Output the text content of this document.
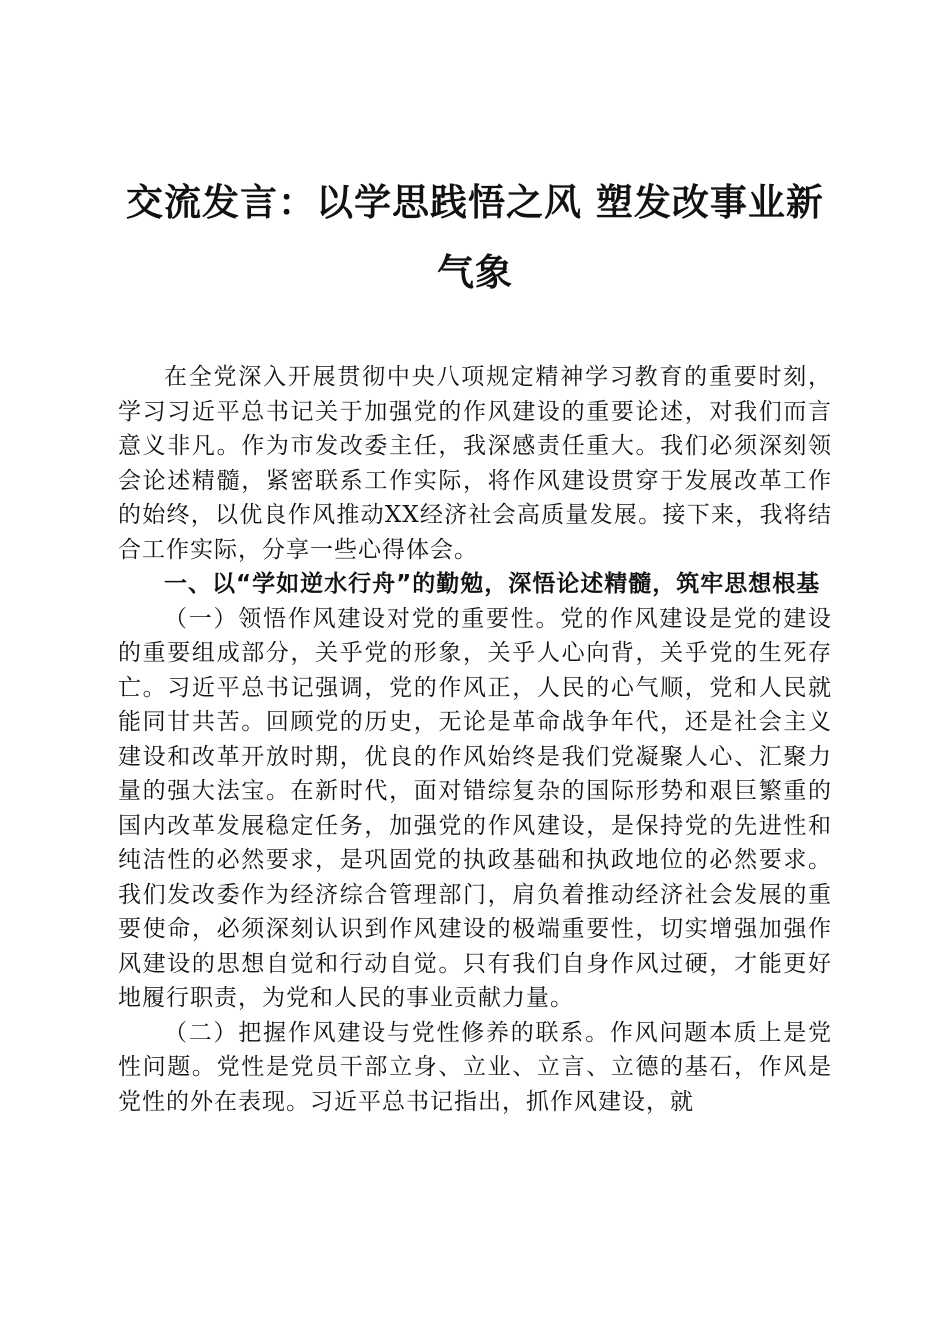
交流发言：以学思践悟之风 塑发改事业新气象

在全党深入开展贯彻中央八项规定精神学习教育的重要时刻，学习习近平总书记关于加强党的作风建设的重要论述，对我们而言意义非凡。作为市发改委主任，我深感责任重大。我们必须深刻领会论述精髓，紧密联系工作实际，将作风建设贯穿于发展改革工作的始终，以优良作风推动XX经济社会高质量发展。接下来，我将结合工作实际，分享一些心得体会。

一、以“学如逆水行舟”的勤勉，深悟论述精髓，筑牢思想根基

（一）领悟作风建设对党的重要性。党的作风建设是党的建设的重要组成部分，关乎党的形象，关乎人心向背，关乎党的生死存亡。习近平总书记强调，党的作风正，人民的心气顺，党和人民就能同甘共苦。回顾党的历史，无论是革命战争年代，还是社会主义建设和改革开放时期，优良的作风始终是我们党凝聚人心、汇聚力量的强大法宝。在新时代，面对错综复杂的国际形势和艰巨繁重的国内改革发展稳定任务，加强党的作风建设，是保持党的先进性和纯洁性的必然要求，是巩固党的执政基础和执政地位的必然要求。我们发改委作为经济综合管理部门，肩负着推动经济社会发展的重要使命，必须深刻认识到作风建设的极端重要性，切实增强加强作风建设的思想自觉和行动自觉。只有我们自身作风过硬，才能更好地履行职责，为党和人民的事业贡献力量。

（二）把握作风建设与党性修养的联系。作风问题本质上是党性问题。党性是党员干部立身、立业、立言、立德的基石，作风是党性的外在表现。习近平总书记指出，抓作风建设，就
